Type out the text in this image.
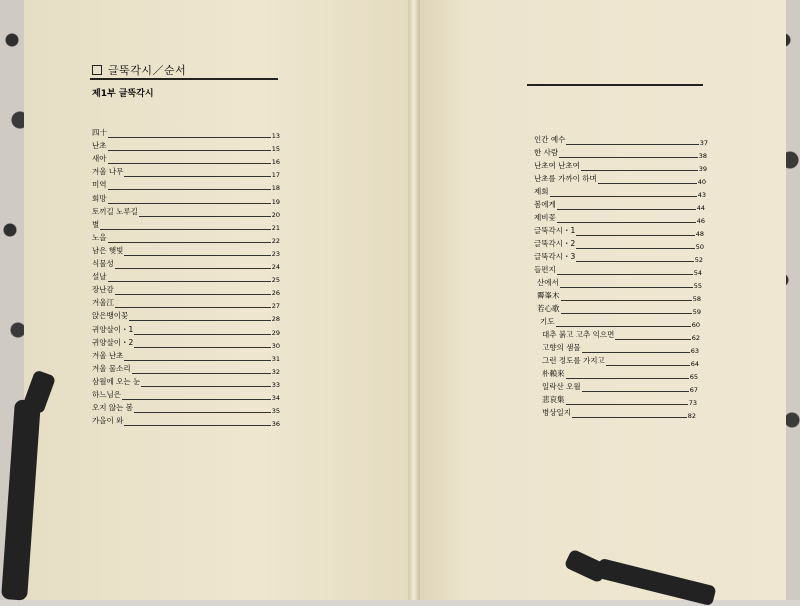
글뚝각시／순서
제1부 글뚝각시
四十	13
난초	15
새아	16
겨울 나무	17
미역	18
회망	19
토끼길 노루길	20
별	21
노을	22
남은 햇빛	23
식물성	24
설날	25
장난감	26
겨울江	27
앉은뱅이꽃	28
귀양살이・1	29
귀양살이・2	30
겨울 난초	31
겨울 물소리	32
삼월에 오는 눈	33
하느님은	34
오지 않는 봄	35
가을이 와	36
인간 예수	37
한 사람	38
난초여 난초여	39
난초를 가까이 하며	40
제회	43
봄에게	44
제비꽃	46
글뚝각시・1	48
글뚝각시・2	50
글뚝각시・3	52
들편지	54
산에서	55
霽峯木	58
若心歌	59
기도	60
대추 붉고 고추 익으면	62
고향의 샘물	63
그런 정도를 가지고	64
朴賴來	65
일락산 오월	67
悲哀集	73
병상일지	82
